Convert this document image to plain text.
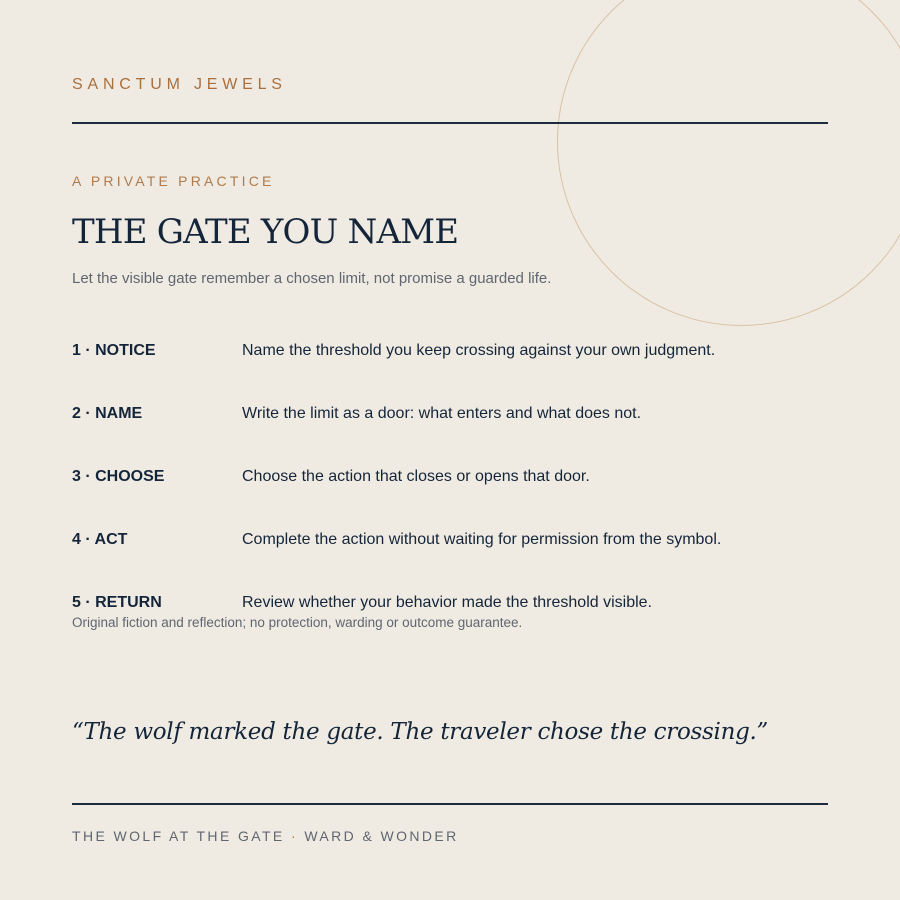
SANCTUM JEWELS
A PRIVATE PRACTICE
THE GATE YOU NAME
Let the visible gate remember a chosen limit, not promise a guarded life.
1 · NOTICE	Name the threshold you keep crossing against your own judgment.
2 · NAME	Write the limit as a door: what enters and what does not.
3 · CHOOSE	Choose the action that closes or opens that door.
4 · ACT	Complete the action without waiting for permission from the symbol.
5 · RETURN	Review whether your behavior made the threshold visible.
Original fiction and reflection; no protection, warding or outcome guarantee.
“The wolf marked the gate. The traveler chose the crossing.”
THE WOLF AT THE GATE · WARD & WONDER
